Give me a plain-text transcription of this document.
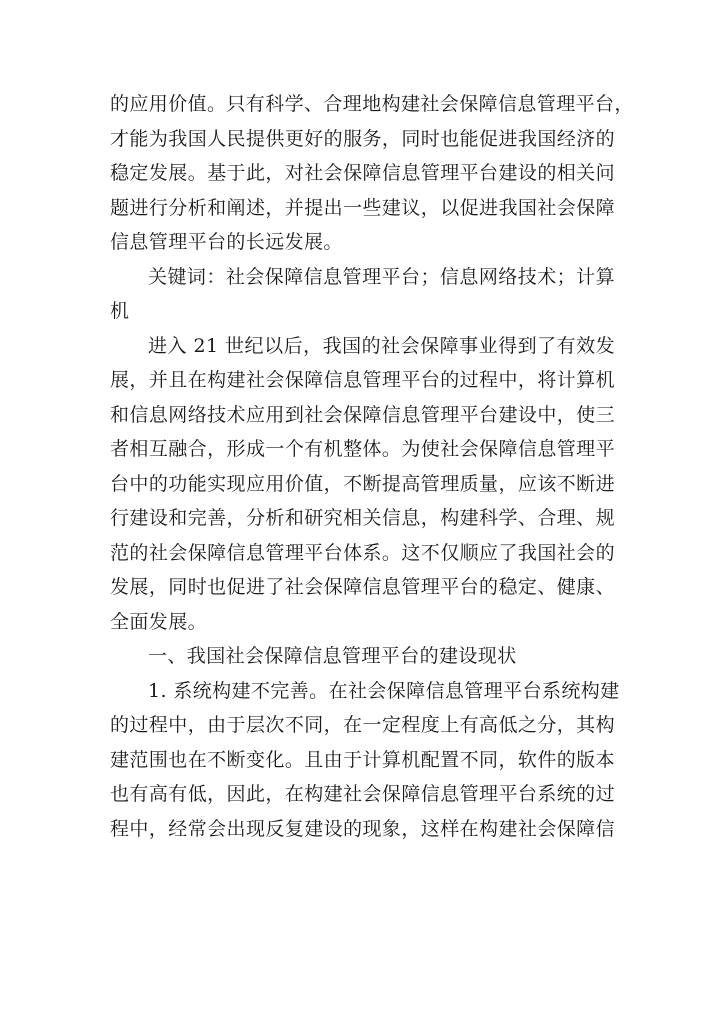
的应用价值。只有科学、合理地构建社会保障信息管理平台，
才能为我国人民提供更好的服务，同时也能促进我国经济的
稳定发展。基于此，对社会保障信息管理平台建设的相关问
题进行分析和阐述，并提出一些建议，以促进我国社会保障
信息管理平台的长远发展。
关键词：社会保障信息管理平台；信息网络技术；计算
机
进入 21 世纪以后，我国的社会保障事业得到了有效发
展，并且在构建社会保障信息管理平台的过程中，将计算机
和信息网络技术应用到社会保障信息管理平台建设中，使三
者相互融合，形成一个有机整体。为使社会保障信息管理平
台中的功能实现应用价值，不断提高管理质量，应该不断进
行建设和完善，分析和研究相关信息，构建科学、合理、规
范的社会保障信息管理平台体系。这不仅顺应了我国社会的
发展，同时也促进了社会保障信息管理平台的稳定、健康、
全面发展。
一、我国社会保障信息管理平台的建设现状
1. 系统构建不完善。在社会保障信息管理平台系统构建
的过程中，由于层次不同，在一定程度上有高低之分，其构
建范围也在不断变化。且由于计算机配置不同，软件的版本
也有高有低，因此，在构建社会保障信息管理平台系统的过
程中，经常会出现反复建设的现象，这样在构建社会保障信
